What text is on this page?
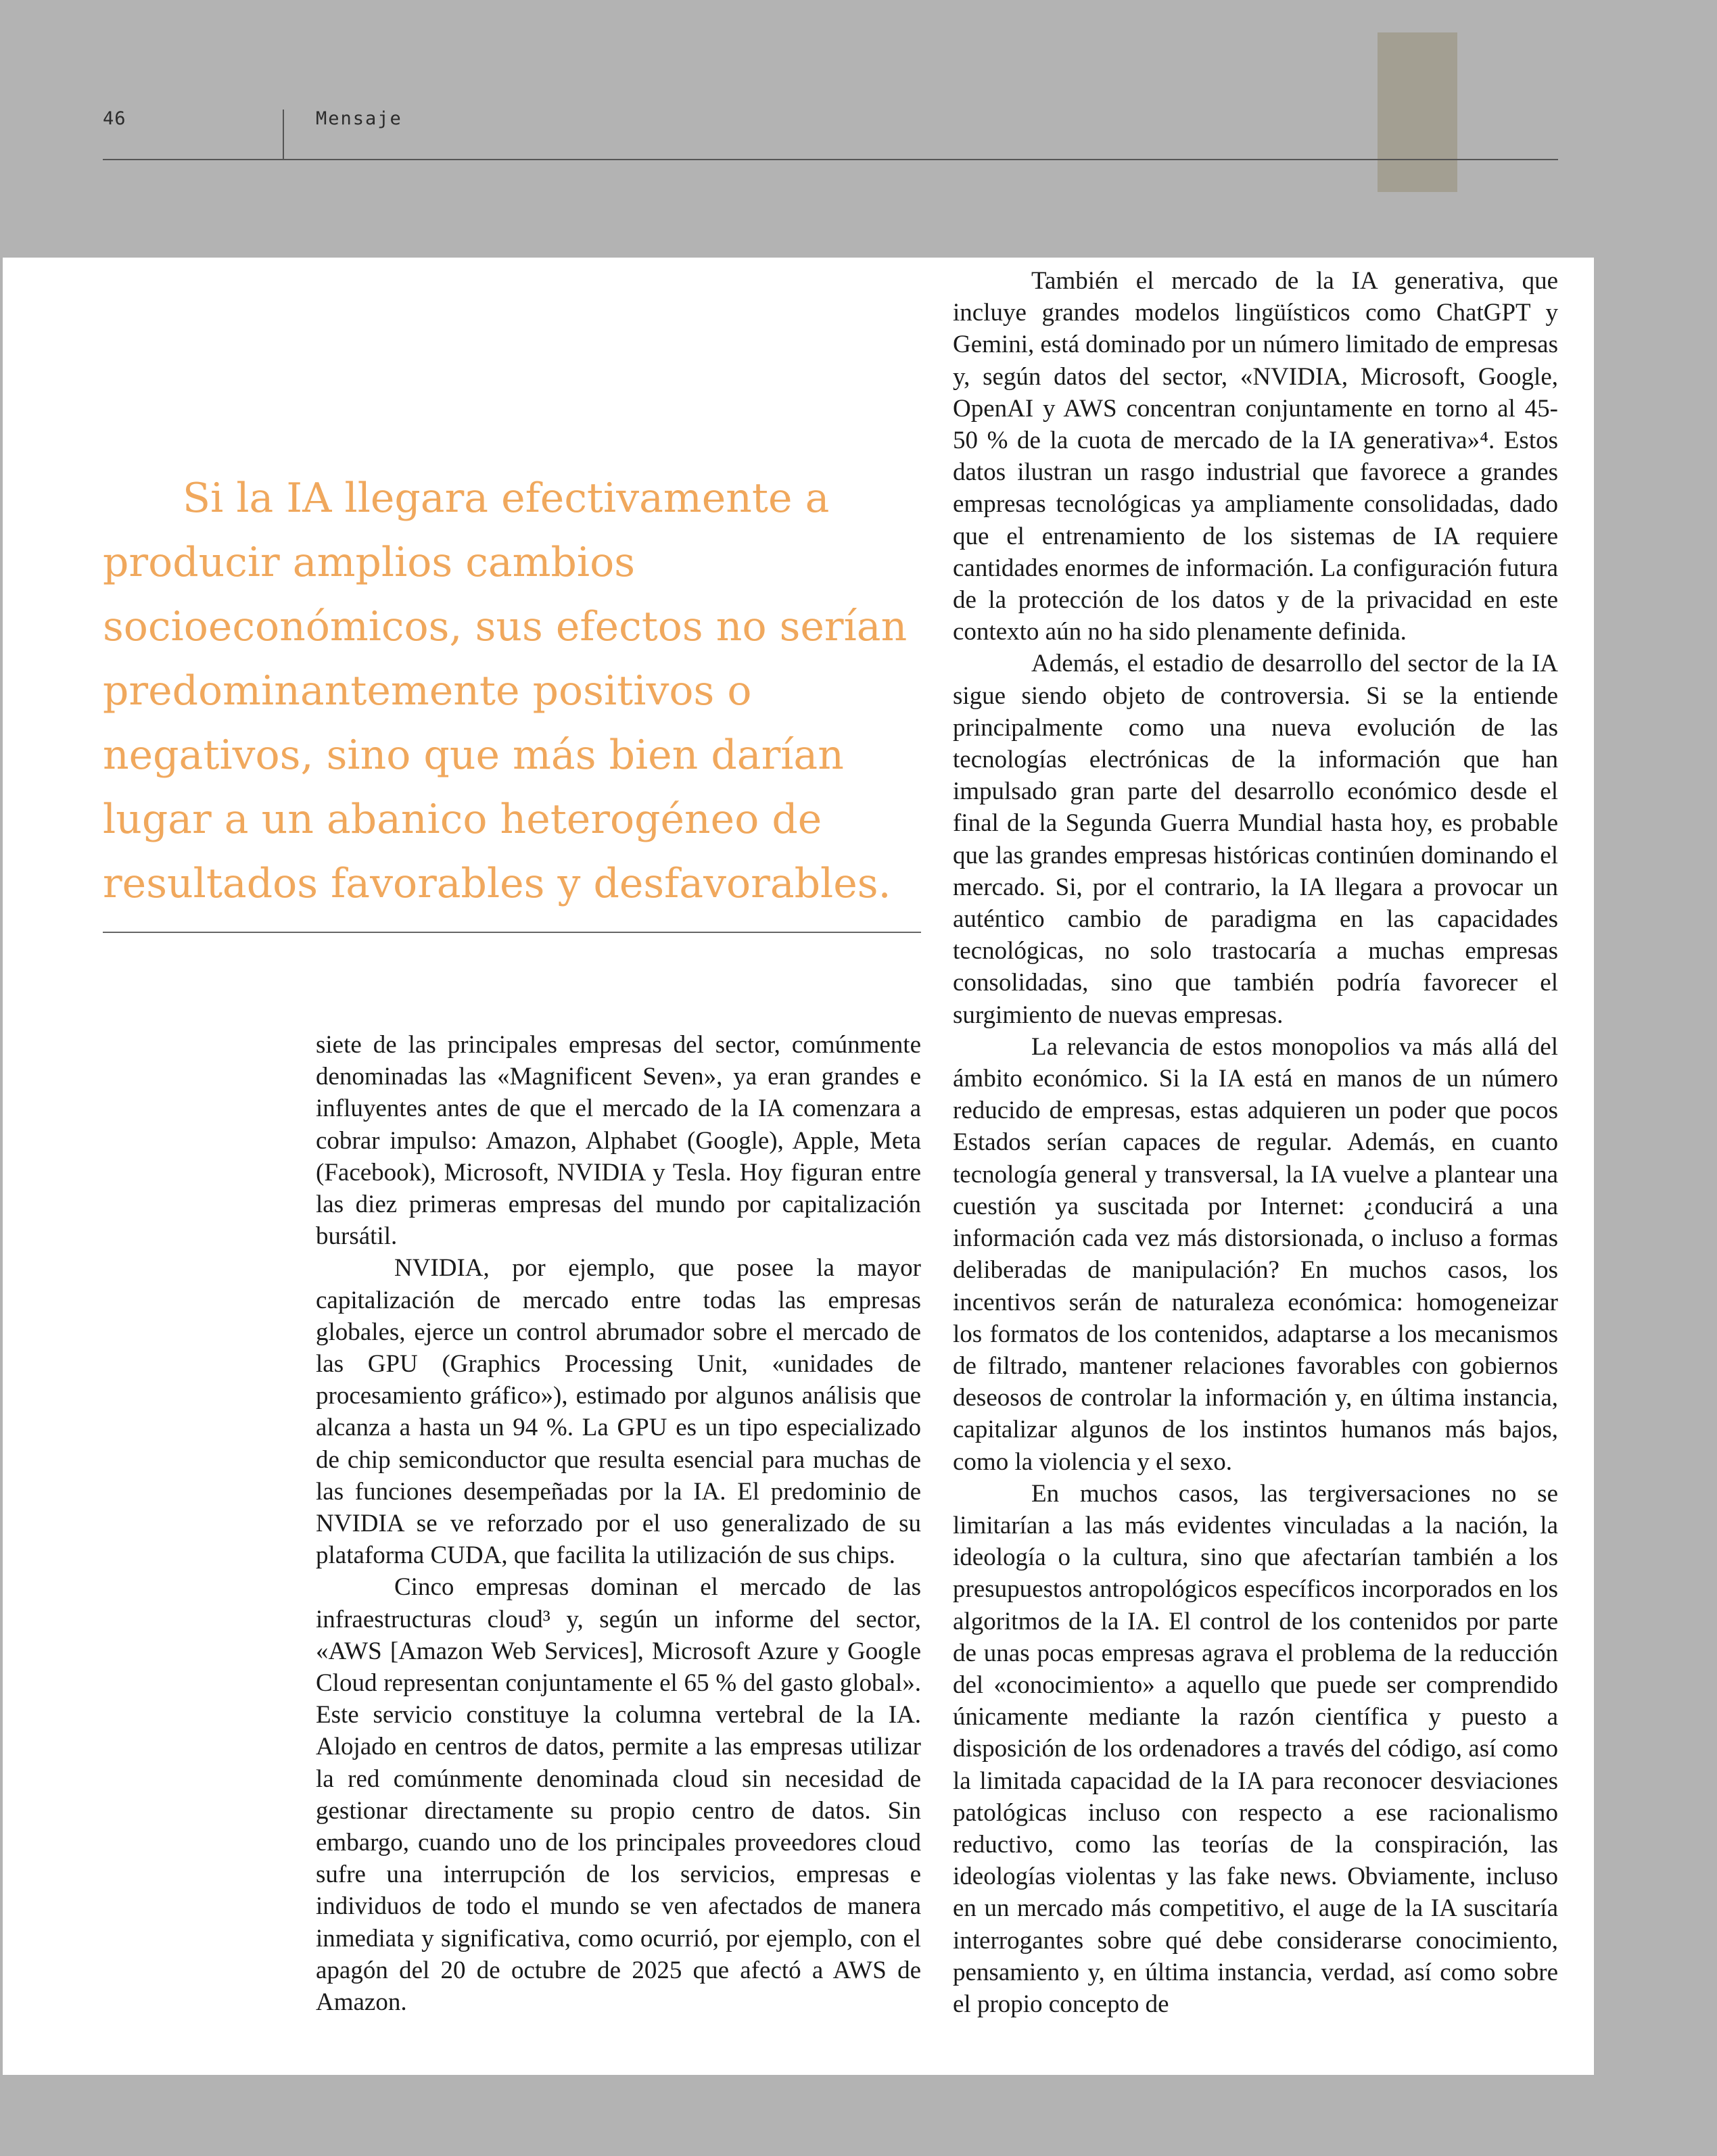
46	Mensaje

Si la IA llegara efectivamente a producir amplios cambios socioeconómicos, sus efectos no serían predominantemente positivos o negativos, sino que más bien darían lugar a un abanico heterogéneo de resultados favorables y desfavorables.

siete de las principales empresas del sector, comúnmente denominadas las «Magnificent Seven», ya eran grandes e influyentes antes de que el mercado de la IA comenzara a cobrar impulso: Amazon, Alphabet (Google), Apple, Meta (Facebook), Microsoft, NVIDIA y Tesla. Hoy figuran entre las diez primeras empresas del mundo por capitalización bursátil.

NVIDIA, por ejemplo, que posee la mayor capitalización de mercado entre todas las empresas globales, ejerce un control abrumador sobre el mercado de las GPU (Graphics Processing Unit, «unidades de procesamiento gráfico»), estimado por algunos análisis que alcanza a hasta un 94 %. La GPU es un tipo especializado de chip semiconductor que resulta esencial para muchas de las funciones desempeñadas por la IA. El predominio de NVIDIA se ve reforzado por el uso generalizado de su plataforma CUDA, que facilita la utilización de sus chips.

Cinco empresas dominan el mercado de las infraestructuras cloud³ y, según un informe del sector, «AWS [Amazon Web Services], Microsoft Azure y Google Cloud representan conjuntamente el 65 % del gasto global». Este servicio constituye la columna vertebral de la IA. Alojado en centros de datos, permite a las empresas utilizar la red comúnmente denominada cloud sin necesidad de gestionar directamente su propio centro de datos. Sin embargo, cuando uno de los principales proveedores cloud sufre una interrupción de los servicios, empresas e individuos de todo el mundo se ven afectados de manera inmediata y significativa, como ocurrió, por ejemplo, con el apagón del 20 de octubre de 2025 que afectó a AWS de Amazon.

También el mercado de la IA generativa, que incluye grandes modelos lingüísticos como ChatGPT y Gemini, está dominado por un número limitado de empresas y, según datos del sector, «NVIDIA, Microsoft, Google, OpenAI y AWS concentran conjuntamente en torno al 45-50 % de la cuota de mercado de la IA generativa»⁴. Estos datos ilustran un rasgo industrial que favorece a grandes empresas tecnológicas ya ampliamente consolidadas, dado que el entrenamiento de los sistemas de IA requiere cantidades enormes de información. La configuración futura de la protección de los datos y de la privacidad en este contexto aún no ha sido plenamente definida.

Además, el estadio de desarrollo del sector de la IA sigue siendo objeto de controversia. Si se la entiende principalmente como una nueva evolución de las tecnologías electrónicas de la información que han impulsado gran parte del desarrollo económico desde el final de la Segunda Guerra Mundial hasta hoy, es probable que las grandes empresas históricas continúen dominando el mercado. Si, por el contrario, la IA llegara a provocar un auténtico cambio de paradigma en las capacidades tecnológicas, no solo trastocaría a muchas empresas consolidadas, sino que también podría favorecer el surgimiento de nuevas empresas.

La relevancia de estos monopolios va más allá del ámbito económico. Si la IA está en manos de un número reducido de empresas, estas adquieren un poder que pocos Estados serían capaces de regular. Además, en cuanto tecnología general y transversal, la IA vuelve a plantear una cuestión ya suscitada por Internet: ¿conducirá a una información cada vez más distorsionada, o incluso a formas deliberadas de manipulación? En muchos casos, los incentivos serán de naturaleza económica: homogeneizar los formatos de los contenidos, adaptarse a los mecanismos de filtrado, mantener relaciones favorables con gobiernos deseosos de controlar la información y, en última instancia, capitalizar algunos de los instintos humanos más bajos, como la violencia y el sexo.

En muchos casos, las tergiversaciones no se limitarían a las más evidentes vinculadas a la nación, la ideología o la cultura, sino que afectarían también a los presupuestos antropológicos específicos incorporados en los algoritmos de la IA. El control de los contenidos por parte de unas pocas empresas agrava el problema de la reducción del «conocimiento» a aquello que puede ser comprendido únicamente mediante la razón científica y puesto a disposición de los ordenadores a través del código, así como la limitada capacidad de la IA para reconocer desviaciones patológicas incluso con respecto a ese racionalismo reductivo, como las teorías de la conspiración, las ideologías violentas y las fake news. Obviamente, incluso en un mercado más competitivo, el auge de la IA suscitaría interrogantes sobre qué debe considerarse conocimiento, pensamiento y, en última instancia, verdad, así como sobre el propio concepto de
